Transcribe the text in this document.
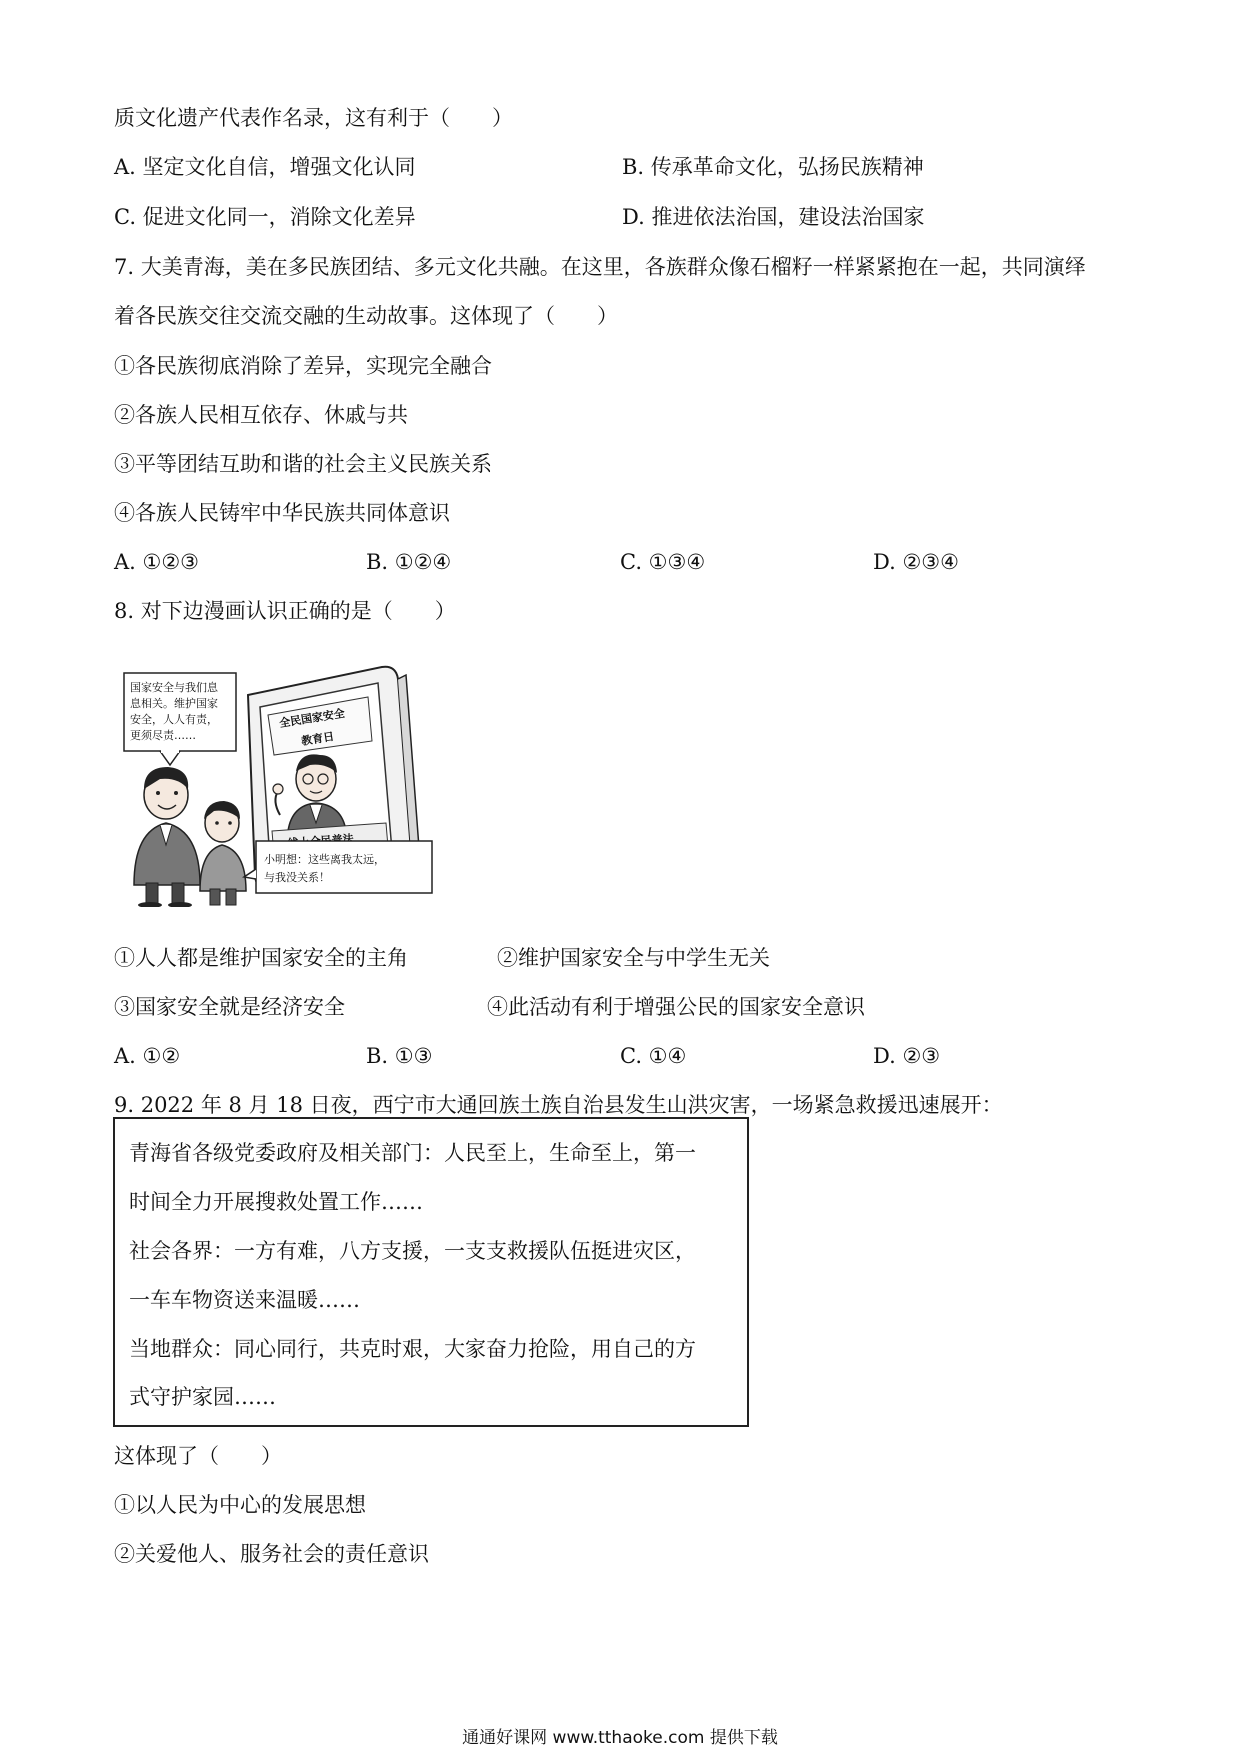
质文化遗产代表作名录，这有利于（　　）
A. 坚定文化自信，增强文化认同	B. 传承革命文化，弘扬民族精神
C. 促进文化同一，消除文化差异	D. 推进依法治国，建设法治国家
7. 大美青海，美在多民族团结、多元文化共融。在这里，各族群众像石榴籽一样紧紧抱在一起，共同演绎
着各民族交往交流交融的生动故事。这体现了（　　）
①各民族彻底消除了差异，实现完全融合
②各族人民相互依存、休戚与共
③平等团结互助和谐的社会主义民族关系
④各族人民铸牢中华民族共同体意识
A. ①②③	B. ①②④	C. ①③④	D. ②③④
8. 对下边漫画认识正确的是（　　）
全民国家安全
教育日
国家安全与我们息
息相关。维护国家
安全，人人有责，
更须尽责……
小明想：这些离我太远，
与我没关系！
①人人都是维护国家安全的主角	②维护国家安全与中学生无关
③国家安全就是经济安全	④此活动有利于增强公民的国家安全意识
A. ①②	B. ①③	C. ①④	D. ②③
9. 2022 年 8 月 18 日夜，西宁市大通回族土族自治县发生山洪灾害，一场紧急救援迅速展开：
青海省各级党委政府及相关部门：人民至上，生命至上，第一
时间全力开展搜救处置工作……
社会各界：一方有难，八方支援，一支支救援队伍挺进灾区，
一车车物资送来温暖……
当地群众：同心同行，共克时艰，大家奋力抢险，用自己的方
式守护家园……
这体现了（　　）
①以人民为中心的发展思想
②关爱他人、服务社会的责任意识
通通好课网 www.tthaoke.com 提供下载
